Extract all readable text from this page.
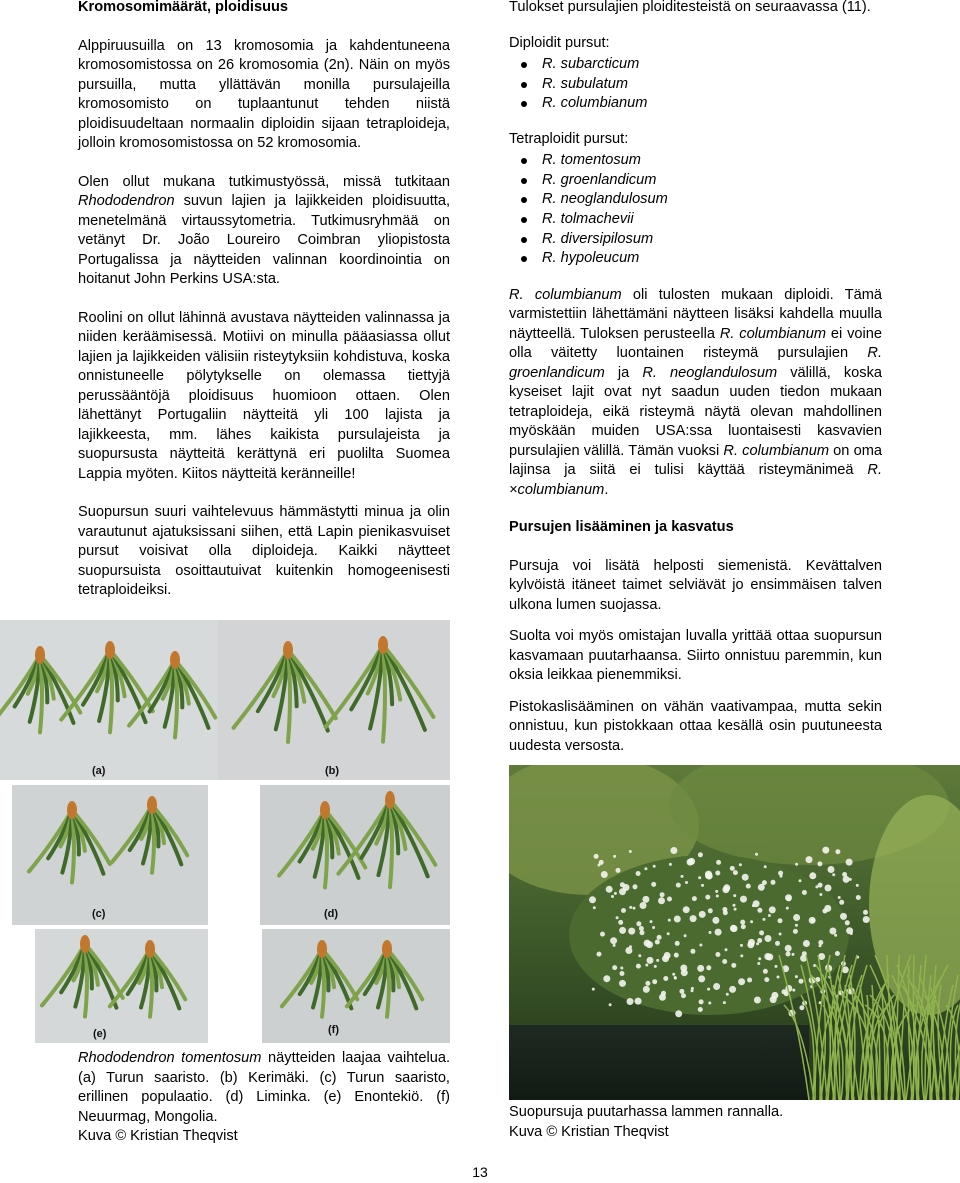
Kromosomimäärät, ploidisuus

Alppiruusuilla on 13 kromosomia ja kahdentuneena kromosomistossa on 26 kromosomia (2n). Näin on myös pursuilla, mutta yllättävän monilla pursulajeilla kromosomisto on tuplaantunut tehden niistä ploidisuudeltaan normaalin diploidin sijaan tetraploideja, jolloin kromosomistossa on 52 kromosomia.

Olen ollut mukana tutkimustyössä, missä tutkitaan Rhododendron suvun lajien ja lajikkeiden ploidisuutta, menetelmänä virtaussytometria. Tutkimusryhmää on vetänyt Dr. João Loureiro Coimbran yliopistosta Portugalissa ja näytteiden valinnan koordinointia on hoitanut John Perkins USA:sta.

Roolini on ollut lähinnä avustava näytteiden valinnassa ja niiden keräämisessä. Motiivi on minulla pääasiassa ollut lajien ja lajikkeiden välisiin risteytyksiin kohdistuva, koska onnistuneelle pölytykselle on olemassa tiettyjä perussääntöjä ploidisuus huomioon ottaen. Olen lähettänyt Portugaliin näytteitä yli 100 lajista ja lajikkeesta, mm. lähes kaikista pursulajeista ja suopursusta näytteitä kerättynä eri puolilta Suomea Lappia myöten. Kiitos näytteitä keränneille!

Suopursun suuri vaihtelevuus hämmästytti minua ja olin varautunut ajatuksissani siihen, että Lapin pienikasvuiset pursut voisivat olla diploideja. Kaikki näytteet suopursuista osoittautuivat kuitenkin homogeenisesti tetraploideiksi.

(a)	(b)
(c)	(d)
(e)	(f)

Rhododendron tomentosum näytteiden laajaa vaihtelua. (a) Turun saaristo. (b) Kerimäki. (c) Turun saaristo, erillinen populaatio. (d) Liminka. (e) Enontekiö. (f) Neuurmag, Mongolia.

Kuva © Kristian Theqvist

Tulokset pursulajien ploiditesteistä on seuraavassa (11).

Diploidit pursut:

R. subarcticum
R. subulatum
R. columbianum

Tetraploidit pursut:

R. tomentosum
R. groenlandicum
R. neoglandulosum
R. tolmachevii
R. diversipilosum
R. hypoleucum

R. columbianum oli tulosten mukaan diploidi. Tämä varmistettiin lähettämäni näytteen lisäksi kahdella muulla näytteellä. Tuloksen perusteella R. columbianum ei voine olla väitetty luontainen risteymä pursulajien R. groenlandicum ja R. neoglandulosum välillä, koska kyseiset lajit ovat nyt saadun uuden tiedon mukaan tetraploideja, eikä risteymä näytä olevan mahdollinen myöskään muiden USA:ssa luontaisesti kasvavien pursulajien välillä. Tämän vuoksi R. columbianum on oma lajinsa ja siitä ei tulisi käyttää risteymänimeä R. ×columbianum.

Pursujen lisääminen ja kasvatus

Pursuja voi lisätä helposti siemenistä. Kevättalven kylvöistä itäneet taimet selviävät jo ensimmäisen talven ulkona lumen suojassa.

Suolta voi myös omistajan luvalla yrittää ottaa suopursun kasvamaan puutarhaansa. Siirto onnistuu paremmin, kun oksia leikkaa pienemmiksi.

Pistokaslisääminen on vähän vaativampaa, mutta sekin onnistuu, kun pistokkaan ottaa kesällä osin puutuneesta uudesta versosta.

Suopursuja puutarhassa lammen rannalla.

Kuva © Kristian Theqvist

13
